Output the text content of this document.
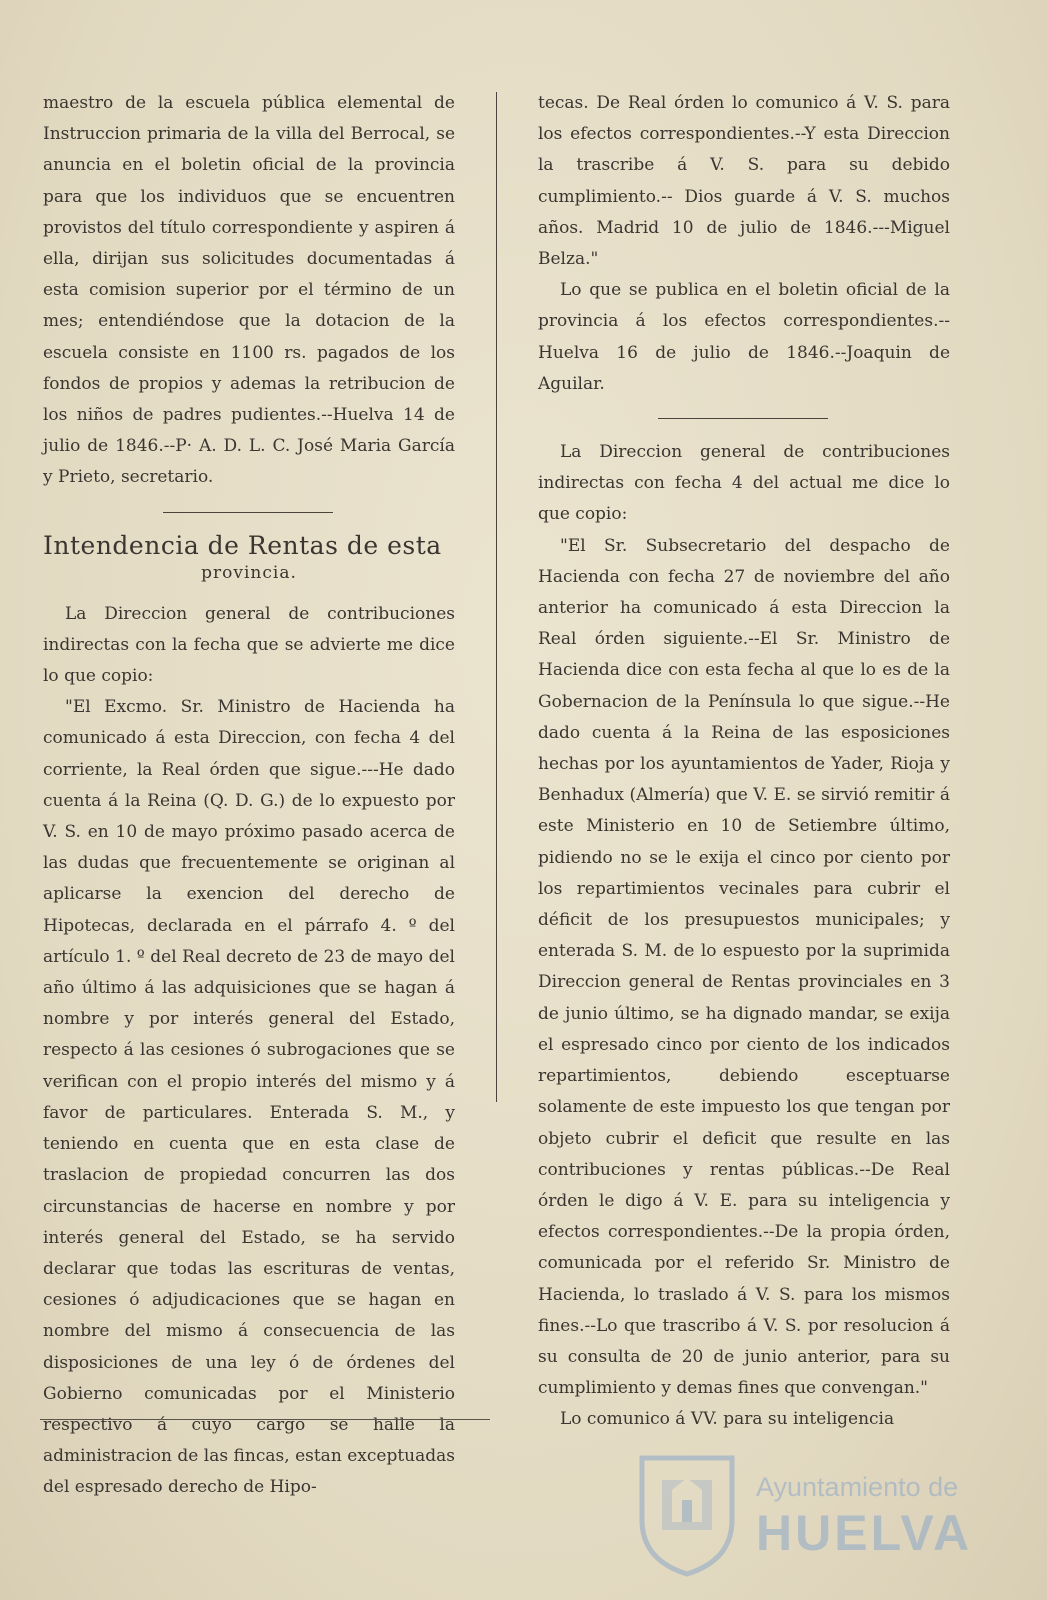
maestro de la escuela pública elemental de Instruccion primaria de la villa del Berrocal, se anuncia en el boletin oficial de la provincia para que los individuos que se encuentren provistos del título correspondiente y aspiren á ella, dirijan sus solicitudes documentadas á esta comision superior por el término de un mes; entendiéndose que la dotacion de la escuela consiste en 1100 rs. pagados de los fondos de propios y ademas la retribucion de los niños de padres pudientes.--Huelva 14 de julio de 1846.--P· A. D. L. C. José Maria García y Prieto, secretario.

Intendencia de Rentas de esta
provincia.

La Direccion general de contribuciones indirectas con la fecha que se advierte me dice lo que copio:

"El Excmo. Sr. Ministro de Hacienda ha comunicado á esta Direccion, con fecha 4 del corriente, la Real órden que sigue.---He dado cuenta á la Reina (Q. D. G.) de lo expuesto por V. S. en 10 de mayo próximo pasado acerca de las dudas que frecuentemente se originan al aplicarse la exencion del derecho de Hipotecas, declarada en el párrafo 4. º del artículo 1. º del Real decreto de 23 de mayo del año último á las adquisiciones que se hagan á nombre y por interés general del Estado, respecto á las cesiones ó subrogaciones que se verifican con el propio interés del mismo y á favor de particulares. Enterada S. M., y teniendo en cuenta que en esta clase de traslacion de propiedad concurren las dos circunstancias de hacerse en nombre y por interés general del Estado, se ha servido declarar que todas las escrituras de ventas, cesiones ó adjudicaciones que se hagan en nombre del mismo á consecuencia de las disposiciones de una ley ó de órdenes del Gobierno comunicadas por el Ministerio respectivo á cuyo cargo se halle la administracion de las fincas, estan exceptuadas del espresado derecho de Hipo-

tecas. De Real órden lo comunico á V. S. para los efectos correspondientes.--Y esta Direccion la trascribe á V. S. para su debido cumplimiento.-- Dios guarde á V. S. muchos años. Madrid 10 de julio de 1846.---Miguel Belza."

Lo que se publica en el boletin oficial de la provincia á los efectos correspondientes.--Huelva 16 de julio de 1846.--Joaquin de Aguilar.

La Direccion general de contribuciones indirectas con fecha 4 del actual me dice lo que copio:

"El Sr. Subsecretario del despacho de Hacienda con fecha 27 de noviembre del año anterior ha comunicado á esta Direccion la Real órden siguiente.--El Sr. Ministro de Hacienda dice con esta fecha al que lo es de la Gobernacion de la Península lo que sigue.--He dado cuenta á la Reina de las esposiciones hechas por los ayuntamientos de Yader, Rioja y Benhadux (Almería) que V. E. se sirvió remitir á este Ministerio en 10 de Setiembre último, pidiendo no se le exija el cinco por ciento por los repartimientos vecinales para cubrir el déficit de los presupuestos municipales; y enterada S. M. de lo espuesto por la suprimida Direccion general de Rentas provinciales en 3 de junio último, se ha dignado mandar, se exija el espresado cinco por ciento de los indicados repartimientos, debiendo esceptuarse solamente de este impuesto los que tengan por objeto cubrir el deficit que resulte en las contribuciones y rentas públicas.--De Real órden le digo á V. E. para su inteligencia y efectos correspondientes.--De la propia órden, comunicada por el referido Sr. Ministro de Hacienda, lo traslado á V. S. para los mismos fines.--Lo que trascribo á V. S. por resolucion á su consulta de 20 de junio anterior, para su cumplimiento y demas fines que convengan."

Lo comunico á VV. para su inteligencia

Ayuntamiento de
HUELVA
